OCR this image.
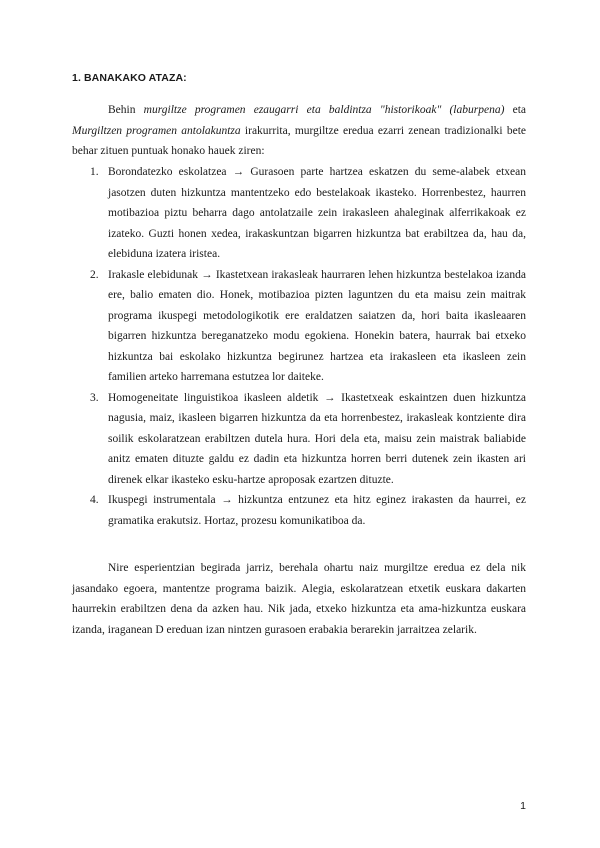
1. BANAKAKO ATAZA:

Behin murgiltze programen ezaugarri eta baldintza "historikoak" (laburpena) eta Murgiltzen programen antolakuntza irakurrita, murgiltze eredua ezarri zenean tradizionalki bete behar zituen puntuak honako hauek ziren:

1. Borondatezko eskolatzea → Gurasoen parte hartzea eskatzen du seme-alabek etxean jasotzen duten hizkuntza mantentzeko edo bestelakoak ikasteko. Horrenbestez, haurren motibazioa piztu beharra dago antolatzaile zein irakasleen ahaleginak alferrikakoak ez izateko. Guzti honen xedea, irakaskuntzan bigarren hizkuntza bat erabiltzea da, hau da, elebiduna izatera iristea.
2. Irakasle elebidunak → Ikastetxean irakasleak haurraren lehen hizkuntza bestelakoa izanda ere, balio ematen dio. Honek, motibazioa pizten laguntzen du eta maisu zein maitrak programa ikuspegi metodologikotik ere eraldatzen saiatzen da, hori baita ikasleaaren bigarren hizkuntza bereganatzeko modu egokiena. Honekin batera, haurrak bai etxeko hizkuntza bai eskolako hizkuntza begirunez hartzea eta irakasleen eta ikasleen zein familien arteko harremana estutzea lor daiteke.
3. Homogeneitate linguistikoa ikasleen aldetik → Ikastetxeak eskaintzen duen hizkuntza nagusia, maiz, ikasleen bigarren hizkuntza da eta horrenbestez, irakasleak kontziente dira soilik eskolaratzean erabiltzen dutela hura. Hori dela eta, maisu zein maistrak baliabide anitz ematen dituzte galdu ez dadin eta hizkuntza horren berri dutenek zein ikasten ari direnek elkar ikasteko esku-hartze aproposak ezartzen dituzte.
4. Ikuspegi instrumentala → hizkuntza entzunez eta hitz eginez irakasten da haurrei, ez gramatika erakutsiz. Hortaz, prozesu komunikatiboa da.

Nire esperientzian begirada jarriz, berehala ohartu naiz murgiltze eredua ez dela nik jasandako egoera, mantentze programa baizik. Alegia, eskolaratzean etxetik euskara dakarten haurrekin erabiltzen dena da azken hau. Nik jada, etxeko hizkuntza eta ama-hizkuntza euskara izanda, iraganean D ereduan izan nintzen gurasoen erabakia berarekin jarraitzea zelarik.

1
